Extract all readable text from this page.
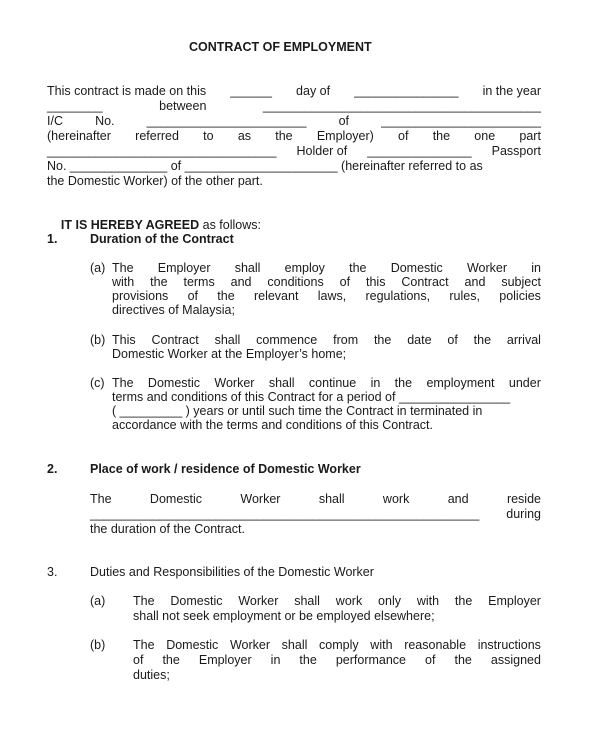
CONTRACT OF EMPLOYMENT
This contract is made on this ______ day of _______________ in the year
________	between	________________________________________
I/C	No.	_______________________	of	_______________________
(hereinafter referred to as the Employer) of the one part
_________________________________ Holder of _______________ Passport
No. ______________ of ______________________ (hereinafter referred to as
the Domestic Worker) of the other part.

IT IS HEREBY AGREED as follows:

1.	Duration of the Contract
(a) The Employer shall employ the Domestic Worker in
with the terms and conditions of this Contract and subject
provisions of the relevant laws, regulations, rules, policies
directives of Malaysia;
(b) This Contract shall commence from the date of the arrival
Domestic Worker at the Employer’s home;
(c) The Domestic Worker shall continue in the employment under
terms and conditions of this Contract for a period of ________________
( _________ ) years or until such time the Contract in terminated in
accordance with the terms and conditions of this Contract.
2.	Place of work / residence of Domestic Worker
The	Domestic	Worker	shall	work	and	reside
________________________________________________________ during
the duration of the Contract.
3.	Duties and Responsibilities of the Domestic Worker
(a) The Domestic Worker shall work only with the Employer
shall not seek employment or be employed elsewhere;
(b) The Domestic Worker shall comply with reasonable instructions
of the Employer in the performance of the assigned
duties;
